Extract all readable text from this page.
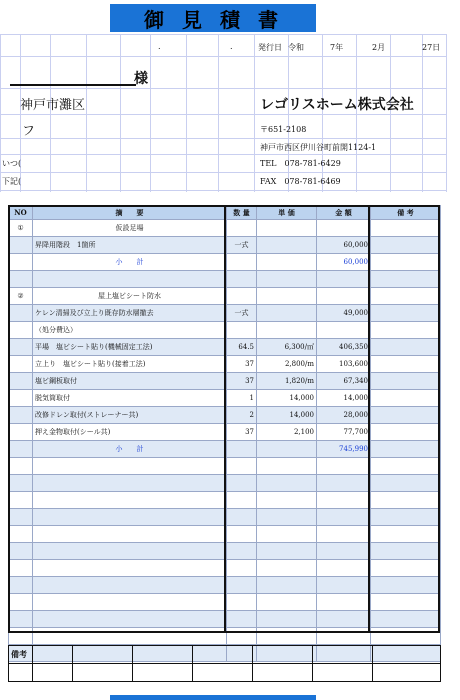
御見積書
.	.	発行日 令和	7年	2月	27日
様
神戸市灘区	レゴリスホーム株式会社
フ	〒651-2108
神戸市西区伊川谷町前開1124-1
いつ(	TEL　078-781-6429
下記(	FAX　078-781-6469
NO	摘　　要	数 量	単 価	金 額	備 考
①	仮設足場				
	昇降用階段　1箇所	一式		60,000	
	小　　計			60,000	

②	屋上塩ビシート防水				
	ケレン清掃及び立上り既存防水層撤去	一式		49,000	
	（処分費込）				
	平場　塩ビシート貼り(機械固定工法)	64.5	6,300/㎡	406,350	
	立上り　塩ビシート貼り(接着工法)	37	2,800/m	103,600	
	塩ビ鋼板取付	37	1,820/m	67,340	
	脱気筒取付	1	14,000	14,000	
	改修ドレン取付(ストレーナー共)	2	14,000	28,000	
	押え金物取付(シール共)	37	2,100	77,700	
	小　　計			745,990	

備考							
